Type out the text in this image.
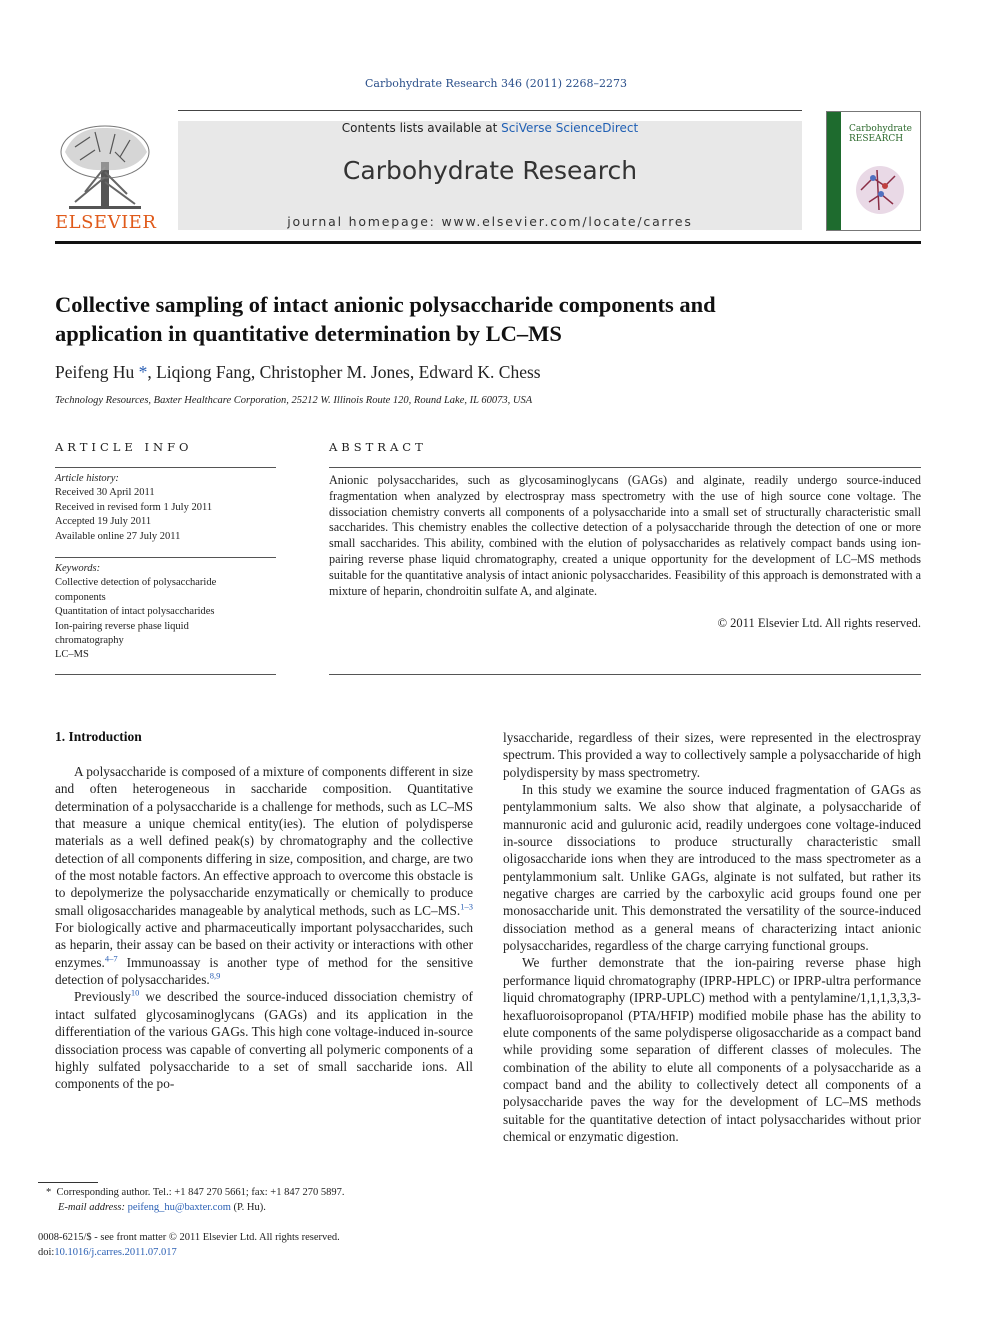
Carbohydrate Research 346 (2011) 2268–2273
ELSEVIER
Contents lists available at SciVerse ScienceDirect
Carbohydrate Research
journal homepage: www.elsevier.com/locate/carres
Carbohydrate
RESEARCH
Collective sampling of intact anionic polysaccharide components and application in quantitative determination by LC–MS
Peifeng Hu *, Liqiong Fang, Christopher M. Jones, Edward K. Chess
Technology Resources, Baxter Healthcare Corporation, 25212 W. Illinois Route 120, Round Lake, IL 60073, USA
ARTICLE INFO
Article history:
Received 30 April 2011
Received in revised form 1 July 2011
Accepted 19 July 2011
Available online 27 July 2011
Keywords:
Collective detection of polysaccharide
components
Quantitation of intact polysaccharides
Ion-pairing reverse phase liquid
chromatography
LC–MS
ABSTRACT
Anionic polysaccharides, such as glycosaminoglycans (GAGs) and alginate, readily undergo source-induced fragmentation when analyzed by electrospray mass spectrometry with the use of high source cone voltage. The dissociation chemistry converts all components of a polysaccharide into a small set of structurally characteristic small saccharides. This chemistry enables the collective detection of a polysaccharide through the detection of one or more small saccharides. This ability, combined with the elution of polysaccharides as relatively compact bands using ion-pairing reverse phase liquid chromatography, created a unique opportunity for the development of LC–MS methods suitable for the quantitative analysis of intact anionic polysaccharides. Feasibility of this approach is demonstrated with a mixture of heparin, chondroitin sulfate A, and alginate.
© 2011 Elsevier Ltd. All rights reserved.
1. Introduction

A polysaccharide is composed of a mixture of components different in size and often heterogeneous in saccharide composition. Quantitative determination of a polysaccharide is a challenge for methods, such as LC–MS that measure a unique chemical entity(ies). The elution of polydisperse materials as a well defined peak(s) by chromatography and the collective detection of all components differing in size, composition, and charge, are two of the most notable factors. An effective approach to overcome this obstacle is to depolymerize the polysaccharide enzymatically or chemically to produce small oligosaccharides manageable by analytical methods, such as LC–MS.$^{1-3}$ For biologically active and pharmaceutically important polysaccharides, such as heparin, their assay can be based on their activity or interactions with other enzymes.$^{4-7}$ Immunoassay is another type of method for the sensitive detection of polysaccharides.$^{8,9}$

Previously$^{10}$ we described the source-induced dissociation chemistry of intact sulfated glycosaminoglycans (GAGs) and its application in the differentiation of the various GAGs. This high cone voltage-induced in-source dissociation process was capable of converting all polymeric components of a highly sulfated polysaccharide to a set of small saccharide ions. All components of the po-

lysaccharide, regardless of their sizes, were represented in the electrospray spectrum. This provided a way to collectively sample a polysaccharide of high polydispersity by mass spectrometry.

In this study we examine the source induced fragmentation of GAGs as pentylammonium salts. We also show that alginate, a polysaccharide of mannuronic acid and guluronic acid, readily undergoes cone voltage-induced in-source dissociations to produce structurally characteristic small oligosaccharide ions when they are introduced to the mass spectrometer as a pentylammonium salt. Unlike GAGs, alginate is not sulfated, but rather its negative charges are carried by the carboxylic acid groups found one per monosaccharide unit. This demonstrated the versatility of the source-induced dissociation method as a general means of characterizing intact anionic polysaccharides, regardless of the charge carrying functional groups.

We further demonstrate that the ion-pairing reverse phase high performance liquid chromatography (IPRP-HPLC) or IPRP-ultra performance liquid chromatography (IPRP-UPLC) method with a pentylamine/1,1,1,3,3,3-hexafluoroisopropanol (PTA/HFIP) modified mobile phase has the ability to elute components of the same polydisperse oligosaccharide as a compact band while providing some separation of different classes of molecules. The combination of the ability to elute all components of a polysaccharide as a compact band and the ability to collectively detect all components of a polysaccharide paves the way for the development of LC–MS methods suitable for the quantitative detection of intact polysaccharides without prior chemical or enzymatic digestion.

* Corresponding author. Tel.: +1 847 270 5661; fax: +1 847 270 5897.
E-mail address: peifeng_hu@baxter.com (P. Hu).
0008-6215/$ - see front matter © 2011 Elsevier Ltd. All rights reserved.
doi:10.1016/j.carres.2011.07.017
